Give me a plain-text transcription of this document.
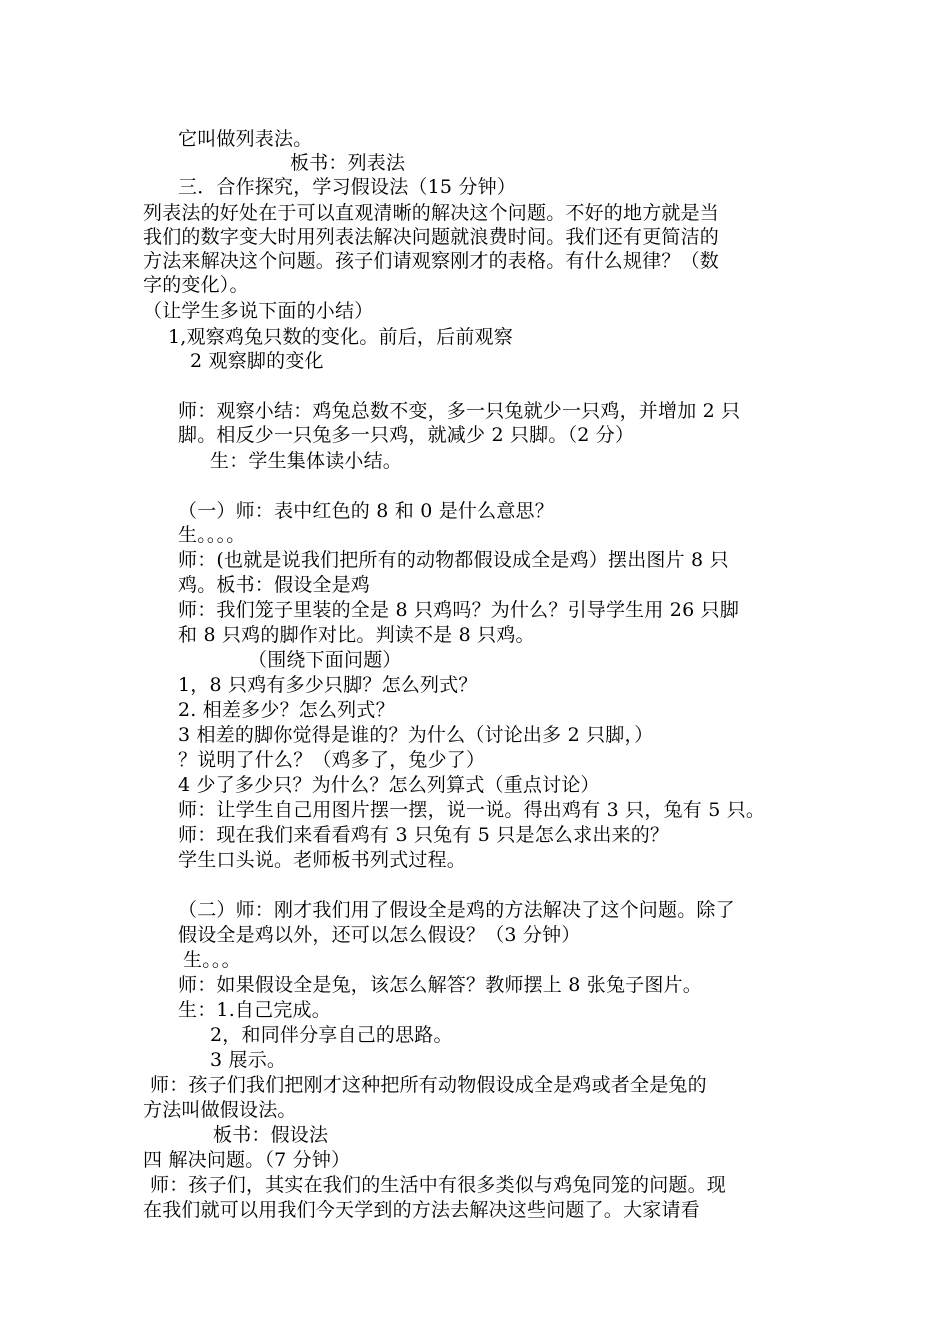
它叫做列表法。
板书：列表法
三．合作探究，学习假设法（15 分钟）
列表法的好处在于可以直观清晰的解决这个问题。不好的地方就是当
我们的数字变大时用列表法解决问题就浪费时间。我们还有更简洁的
方法来解决这个问题。孩子们请观察刚才的表格。有什么规律？（数
字的变化）。
（让学生多说下面的小结）
1,观察鸡兔只数的变化。前后，后前观察
2 观察脚的变化
师：观察小结：鸡兔总数不变，多一只兔就少一只鸡，并增加 2 只
脚。相反少一只兔多一只鸡，就减少 2 只脚。（2 分）
生：学生集体读小结。
（一）师：表中红色的 8 和 0 是什么意思？
生。。。。
师：(也就是说我们把所有的动物都假设成全是鸡）摆出图片 8 只
鸡。板书：假设全是鸡
师：我们笼子里装的全是 8 只鸡吗？为什么？引导学生用 26 只脚
和 8 只鸡的脚作对比。判读不是 8 只鸡。
（围绕下面问题）
1，8 只鸡有多少只脚？怎么列式？
2. 相差多少？怎么列式？
3 相差的脚你觉得是谁的？为什么（讨论出多 2 只脚，）
？说明了什么？（鸡多了，兔少了）
4 少了多少只？为什么？怎么列算式（重点讨论）
师：让学生自己用图片摆一摆，说一说。得出鸡有 3 只，兔有 5 只。
师：现在我们来看看鸡有 3 只兔有 5 只是怎么求出来的？
学生口头说。老师板书列式过程。
（二）师：刚才我们用了假设全是鸡的方法解决了这个问题。除了
假设全是鸡以外，还可以怎么假设？（3 分钟）
生。。。
师：如果假设全是兔，该怎么解答？教师摆上 8 张兔子图片。
生：1.自己完成。
2，和同伴分享自己的思路。
3 展示。
师：孩子们我们把刚才这种把所有动物假设成全是鸡或者全是兔的
方法叫做假设法。
板书：假设法
四 解决问题。（7 分钟）
师：孩子们，其实在我们的生活中有很多类似与鸡兔同笼的问题。现
在我们就可以用我们今天学到的方法去解决这些问题了。大家请看
